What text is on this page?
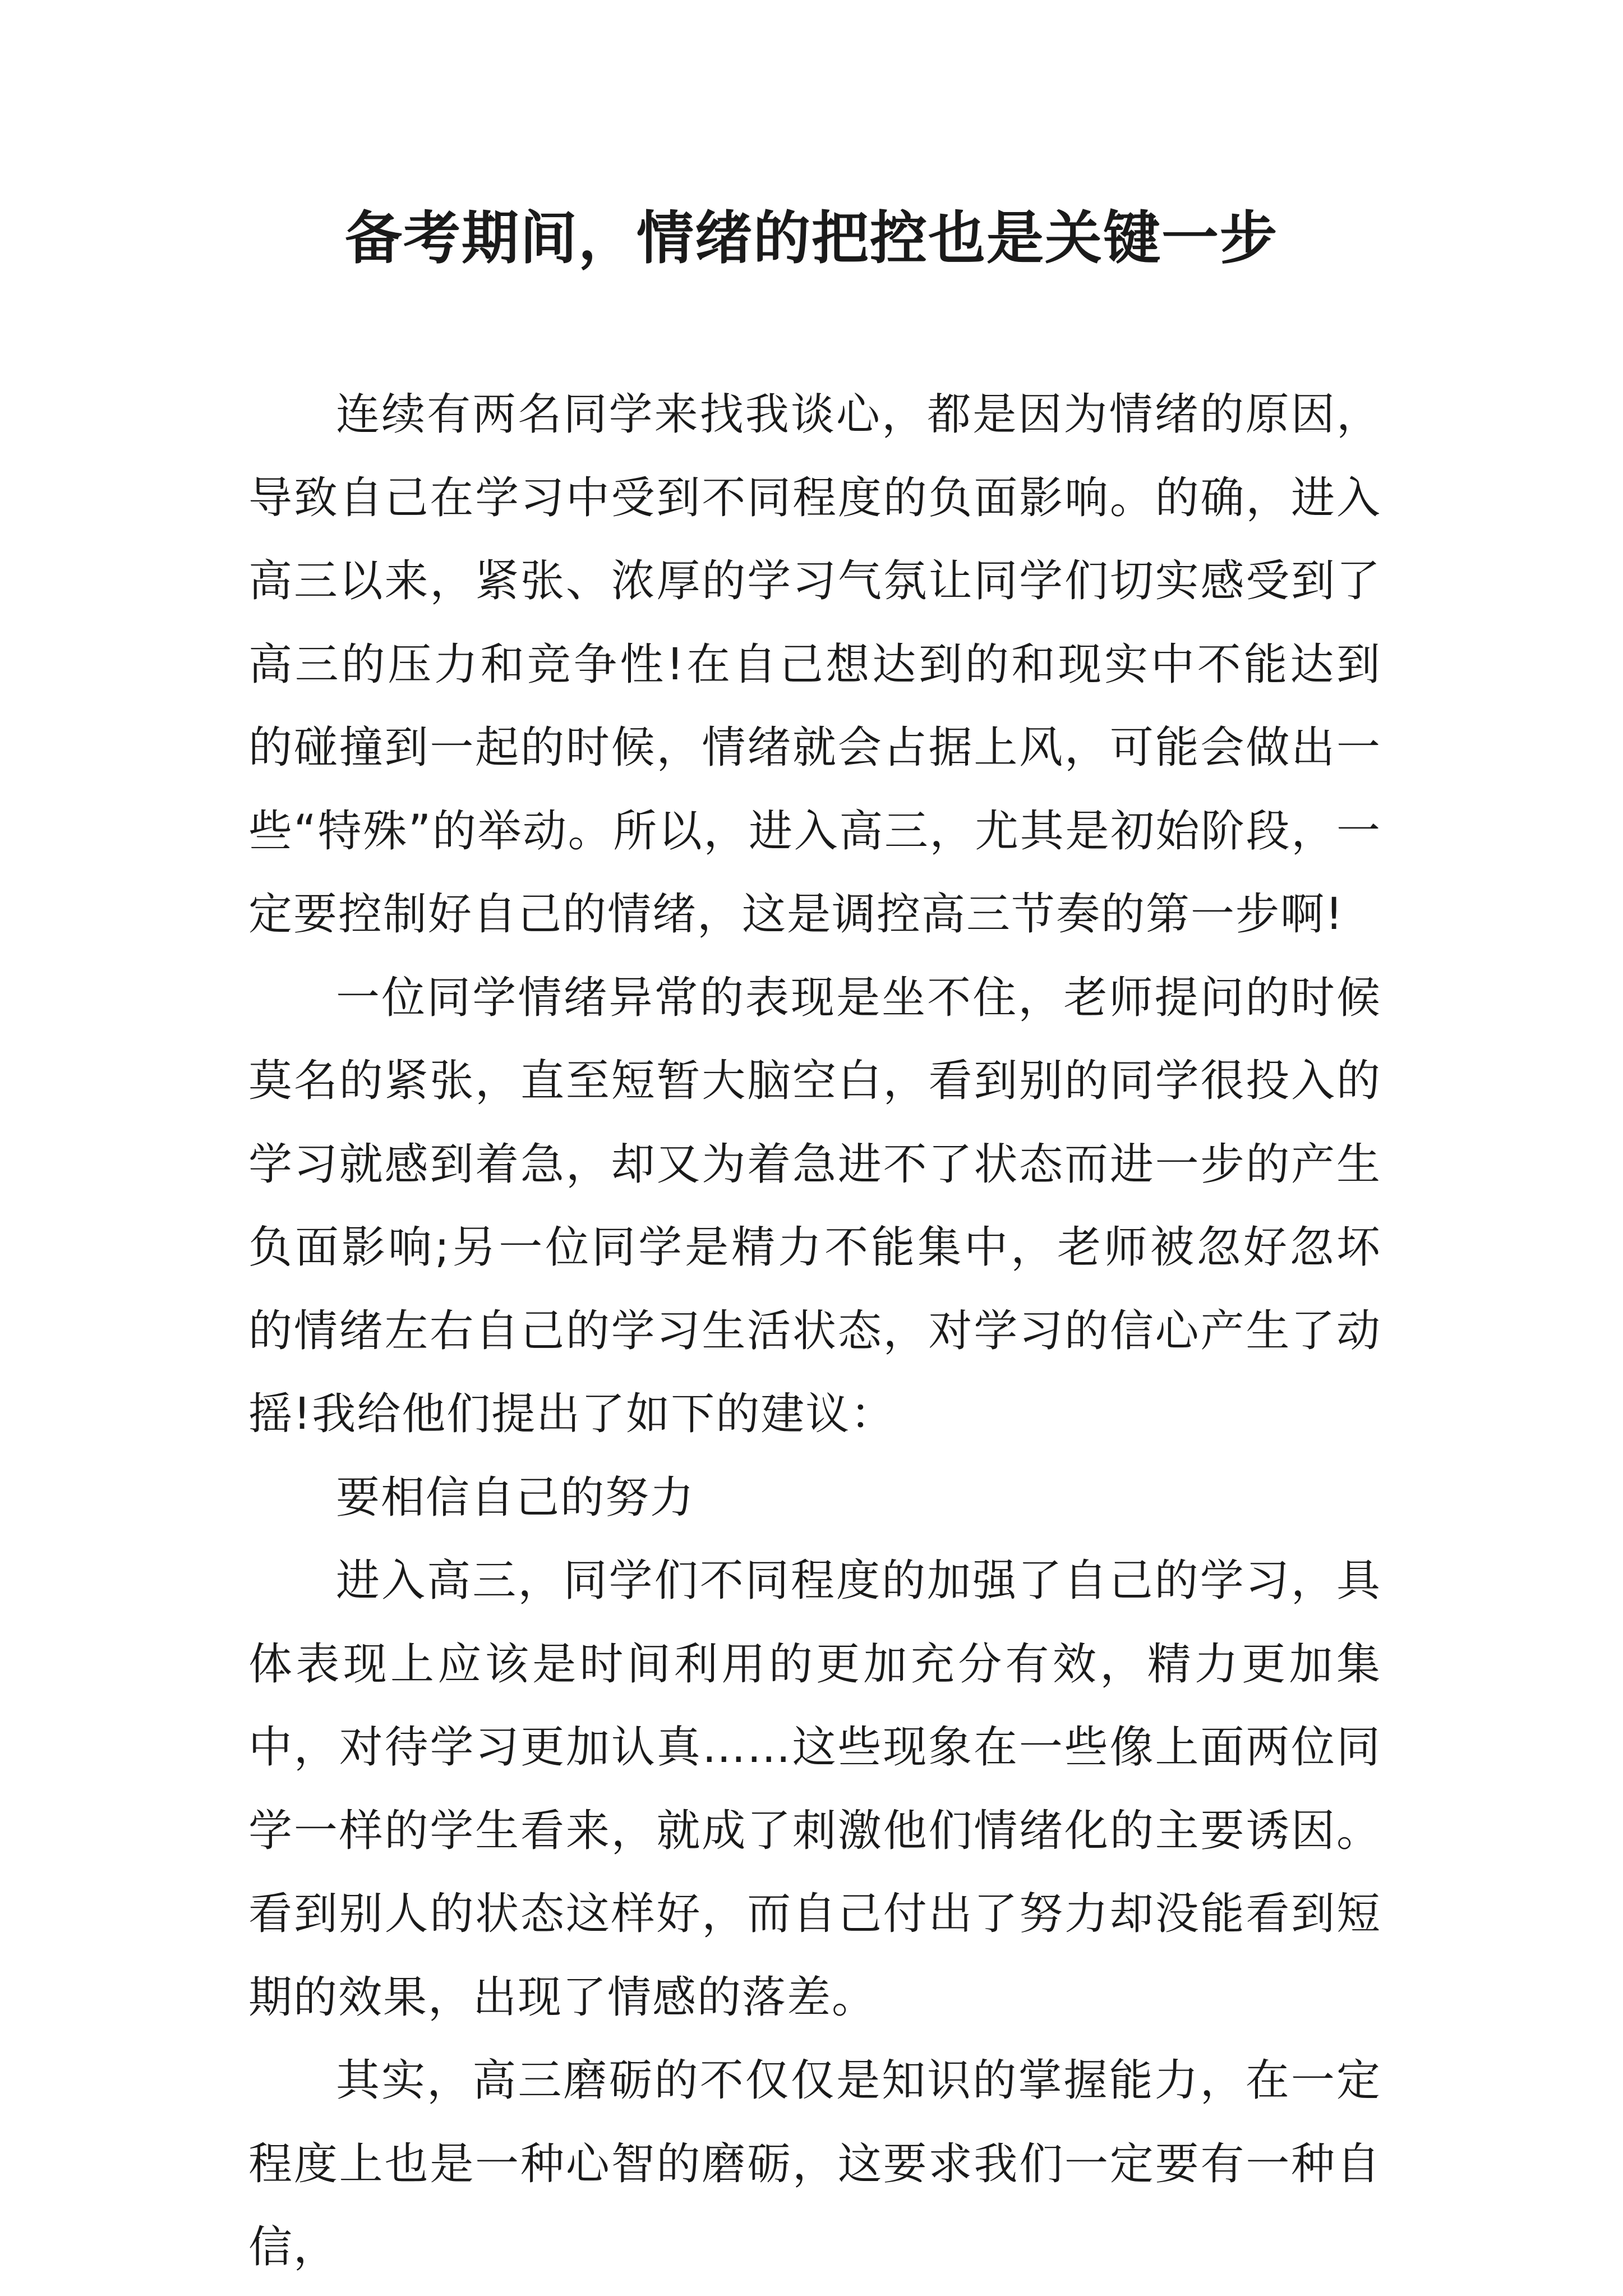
备考期间，情绪的把控也是关键一步

连续有两名同学来找我谈心，都是因为情绪的原因，导致自己在学习中受到不同程度的负面影响。的确，进入高三以来，紧张、浓厚的学习气氛让同学们切实感受到了高三的压力和竞争性!在自己想达到的和现实中不能达到的碰撞到一起的时候，情绪就会占据上风，可能会做出一些“特殊”的举动。所以，进入高三，尤其是初始阶段，一定要控制好自己的情绪，这是调控高三节奏的第一步啊!

一位同学情绪异常的表现是坐不住，老师提问的时候莫名的紧张，直至短暂大脑空白，看到别的同学很投入的学习就感到着急，却又为着急进不了状态而进一步的产生负面影响;另一位同学是精力不能集中，老师被忽好忽坏的情绪左右自己的学习生活状态，对学习的信心产生了动摇!我给他们提出了如下的建议：

要相信自己的努力

进入高三，同学们不同程度的加强了自己的学习，具体表现上应该是时间利用的更加充分有效，精力更加集中，对待学习更加认真……这些现象在一些像上面两位同学一样的学生看来，就成了刺激他们情绪化的主要诱因。看到别人的状态这样好，而自己付出了努力却没能看到短期的效果，出现了情感的落差。

其实，高三磨砺的不仅仅是知识的掌握能力，在一定程度上也是一种心智的磨砺，这要求我们一定要有一种自信，
